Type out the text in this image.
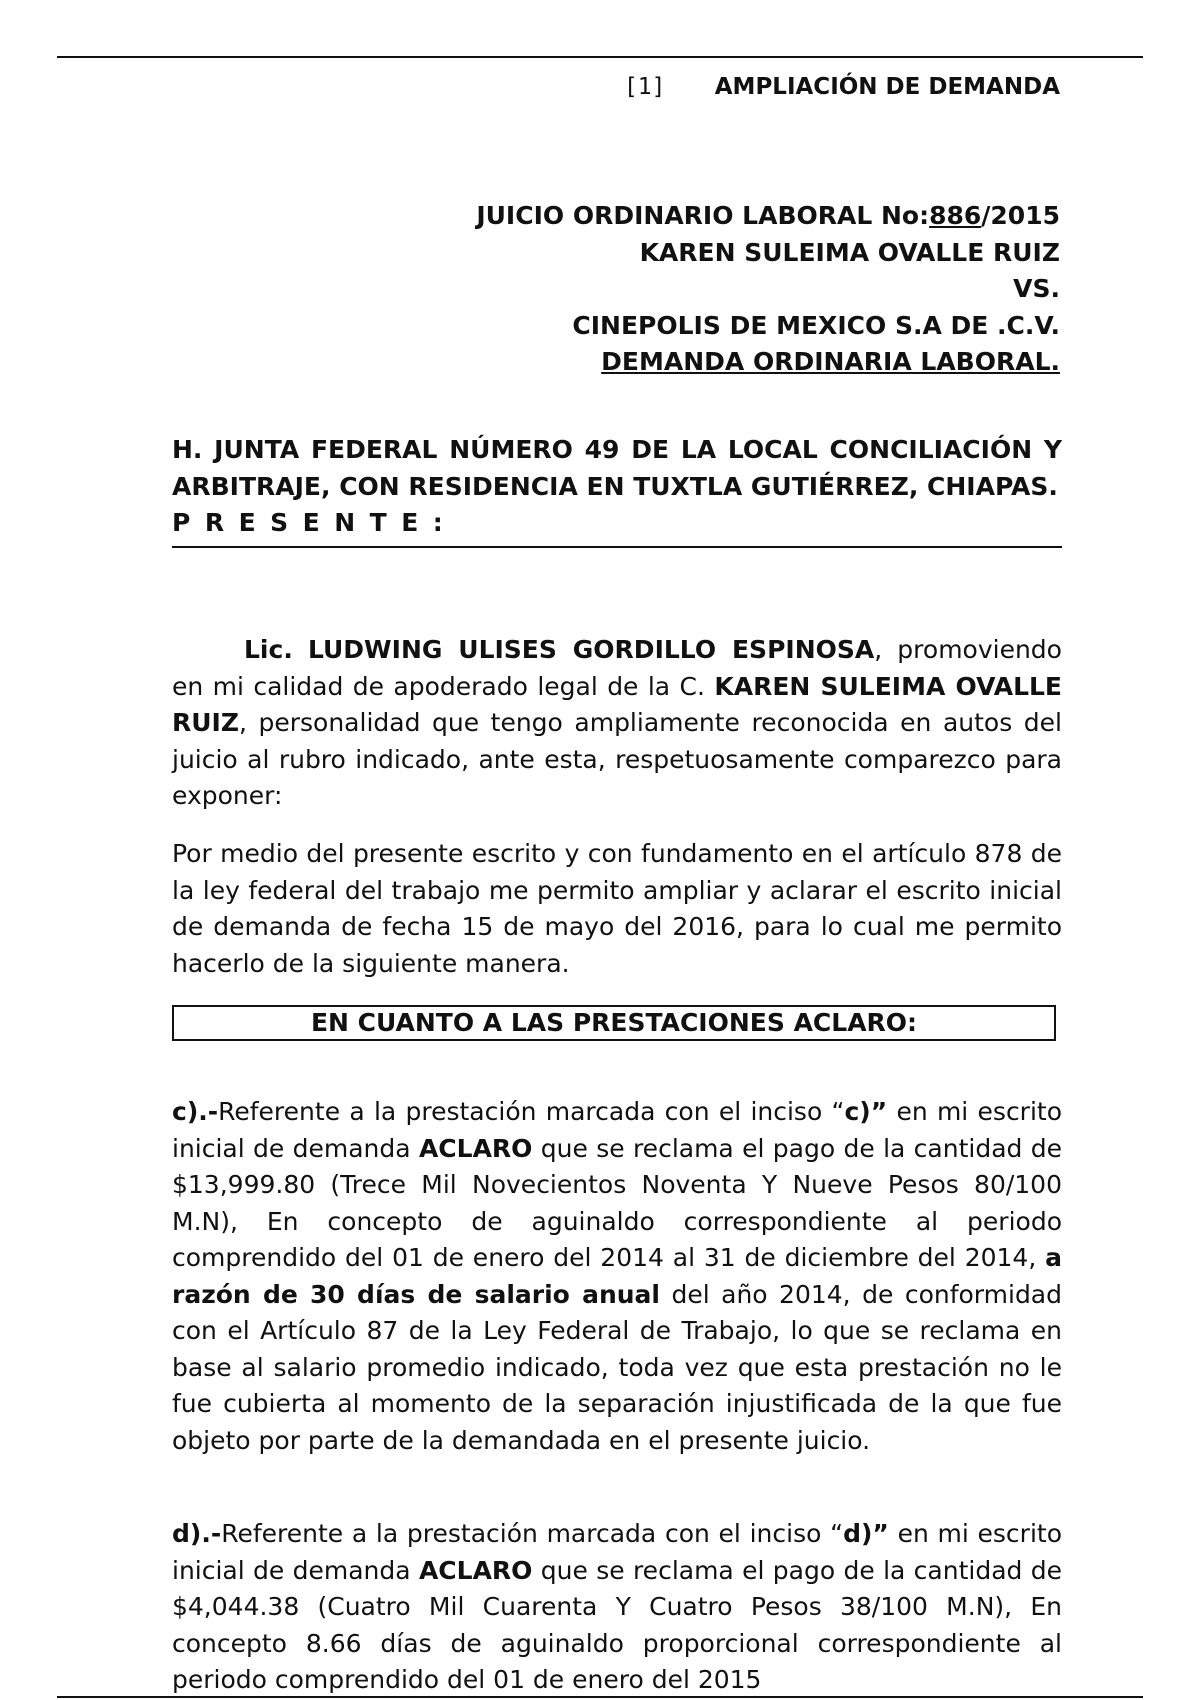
[1] AMPLIACIÓN DE DEMANDA
JUICIO ORDINARIO LABORAL No:886/2015
KAREN SULEIMA OVALLE RUIZ
VS.
CINEPOLIS DE MEXICO S.A DE .C.V.
DEMANDA ORDINARIA LABORAL.
H. JUNTA FEDERAL NÚMERO 49 DE LA LOCAL CONCILIACIÓN Y ARBITRAJE, CON RESIDENCIA EN TUXTLA GUTIÉRREZ, CHIAPAS.
PRESENTE:

Lic. LUDWING ULISES GORDILLO ESPINOSA, promoviendo en mi calidad de apoderado legal de la C. KAREN SULEIMA OVALLE RUIZ, personalidad que tengo ampliamente reconocida en autos del juicio al rubro indicado, ante esta, respetuosamente comparezco para exponer:

Por medio del presente escrito y con fundamento en el artículo 878 de la ley federal del trabajo me permito ampliar y aclarar el escrito inicial de demanda de fecha 15 de mayo del 2016, para lo cual me permito hacerlo de la siguiente manera.

EN CUANTO A LAS PRESTACIONES ACLARO:

c).-Referente a la prestación marcada con el inciso “c)” en mi escrito inicial de demanda ACLARO que se reclama el pago de la cantidad de $13,999.80 (Trece Mil Novecientos Noventa Y Nueve Pesos 80/100 M.N), En concepto de aguinaldo correspondiente al periodo comprendido del 01 de enero del 2014 al 31 de diciembre del 2014, a razón de 30 días de salario anual del año 2014, de conformidad con el Artículo 87 de la Ley Federal de Trabajo, lo que se reclama en base al salario promedio indicado, toda vez que esta prestación no le fue cubierta al momento de la separación injustificada de la que fue objeto por parte de la demandada en el presente juicio.

d).-Referente a la prestación marcada con el inciso “d)” en mi escrito inicial de demanda ACLARO que se reclama el pago de la cantidad de $4,044.38 (Cuatro Mil Cuarenta Y Cuatro Pesos 38/100 M.N), En concepto 8.66 días de aguinaldo proporcional correspondiente al periodo comprendido del 01 de enero del 2015
